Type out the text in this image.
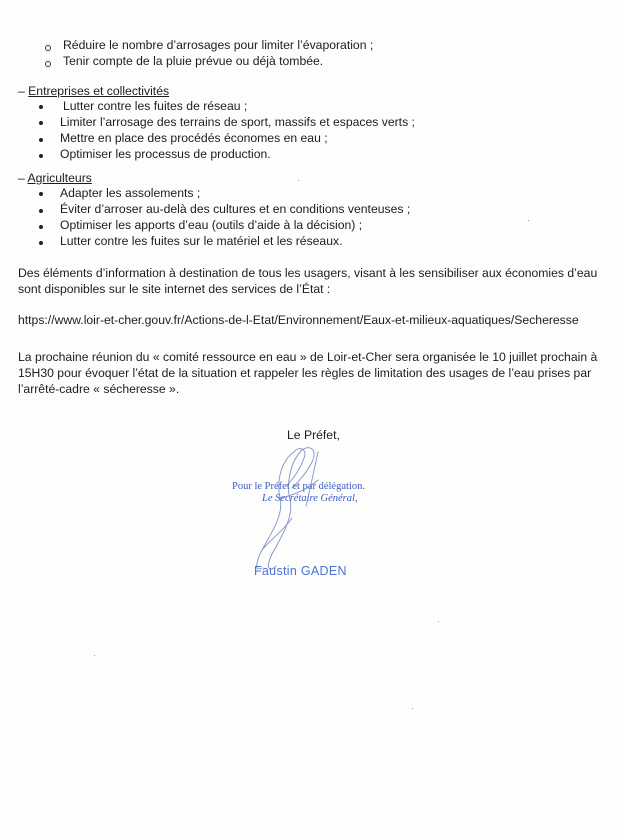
Réduire le nombre d’arrosages pour limiter l’évaporation ;
Tenir compte de la pluie prévue ou déjà tombée.
– Entreprises et collectivités
Lutter contre les fuites de réseau ;
Limiter l’arrosage des terrains de sport, massifs et espaces verts ;
Mettre en place des procédés économes en eau ;
Optimiser les processus de production.
– Agriculteurs
Adapter les assolements ;
Éviter d’arroser au-delà des cultures et en conditions venteuses ;
Optimiser les apports d’eau (outils d’aide à la décision) ;
Lutter contre les fuites sur le matériel et les réseaux.
Des éléments d’information à destination de tous les usagers, visant à les sensibiliser aux économies d’eau
sont disponibles sur le site internet des services de l’État :
https://www.loir-et-cher.gouv.fr/Actions-de-l-Etat/Environnement/Eaux-et-milieux-aquatiques/Secheresse
La prochaine réunion du « comité ressource en eau » de Loir-et-Cher sera organisée le 10 juillet prochain à
15H30 pour évoquer l’état de la situation et rappeler les règles de limitation des usages de l’eau prises par
l’arrêté-cadre « sécheresse ».
Le Préfet,
Pour le Préfet et par délégation.
Le Secrétaire Général,
Faustin GADEN
